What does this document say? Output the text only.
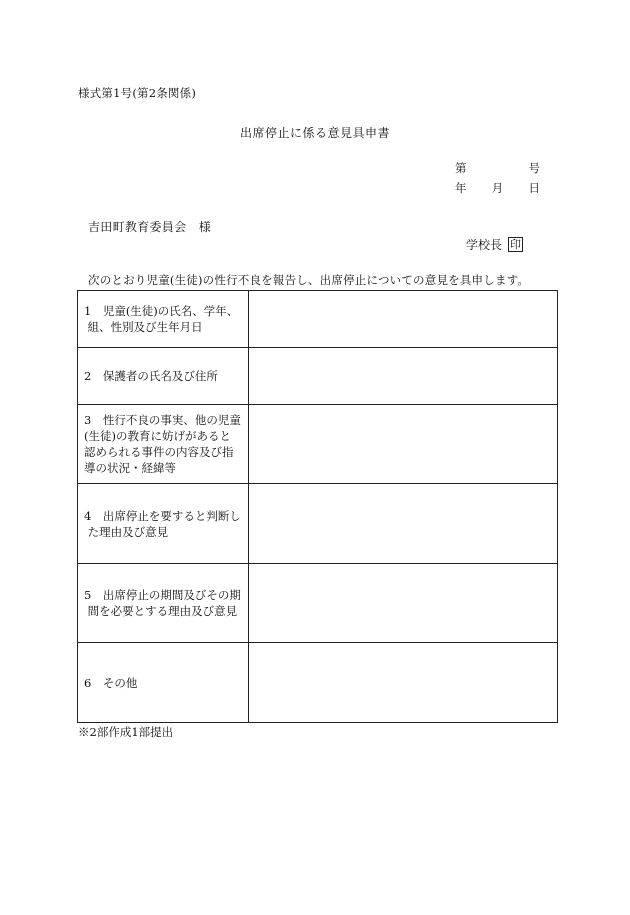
様式第1号(第2条関係)
出席停止に係る意見具申書
第	号
年 月 日
吉田町教育委員会　様
学校長 印
次のとおり児童(生徒)の性行不良を報告し、出席停止についての意見を具申します。
1　児童(生徒)の氏名、学年、
組、性別及び生年月日	
2　保護者の氏名及び住所	
3　性行不良の事実、他の児童
(生徒)の教育に妨げがあると
認められる事件の内容及び指
導の状況・経緯等	
4　出席停止を要すると判断し
た理由及び意見	
5　出席停止の期間及びその期
間を必要とする理由及び意見	
6　その他	
※2部作成1部提出
